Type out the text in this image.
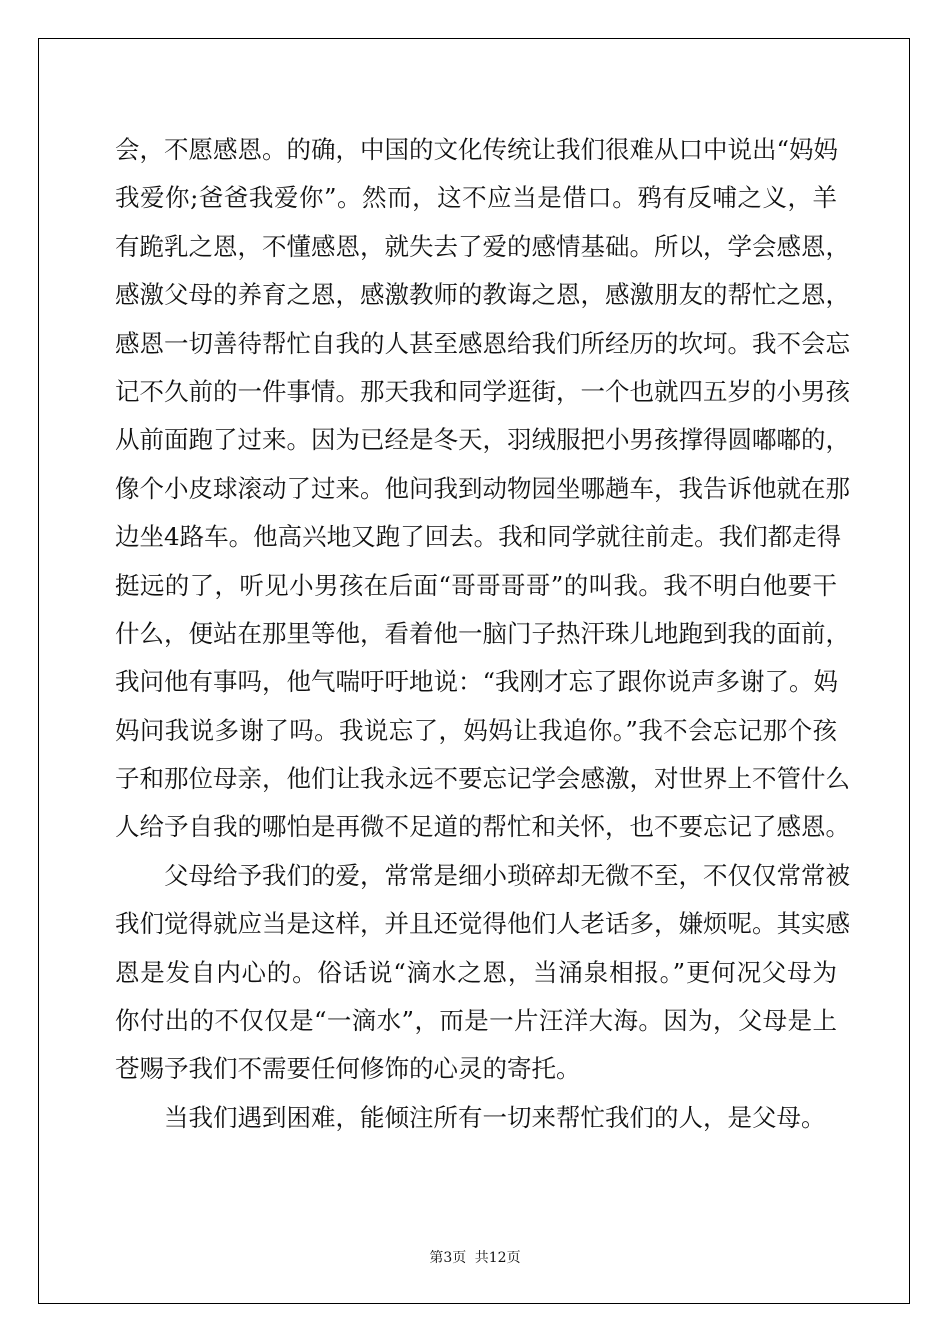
会，不愿感恩。的确，中国的文化传统让我们很难从口中说出“妈妈
我爱你;爸爸我爱你”。然而，这不应当是借口。鸦有反哺之义，羊
有跪乳之恩，不懂感恩，就失去了爱的感情基础。所以，学会感恩，
感激父母的养育之恩，感激教师的教诲之恩，感激朋友的帮忙之恩，
感恩一切善待帮忙自我的人甚至感恩给我们所经历的坎坷。我不会忘
记不久前的一件事情。那天我和同学逛街，一个也就四五岁的小男孩
从前面跑了过来。因为已经是冬天，羽绒服把小男孩撑得圆嘟嘟的，
像个小皮球滚动了过来。他问我到动物园坐哪趟车，我告诉他就在那
边坐4路车。他高兴地又跑了回去。我和同学就往前走。我们都走得
挺远的了，听见小男孩在后面“哥哥哥哥”的叫我。我不明白他要干
什么，便站在那里等他，看着他一脑门子热汗珠儿地跑到我的面前，
我问他有事吗，他气喘吁吁地说：“我刚才忘了跟你说声多谢了。妈
妈问我说多谢了吗。我说忘了，妈妈让我追你。”我不会忘记那个孩
子和那位母亲，他们让我永远不要忘记学会感激，对世界上不管什么
人给予自我的哪怕是再微不足道的帮忙和关怀，也不要忘记了感恩。
父母给予我们的爱，常常是细小琐碎却无微不至，不仅仅常常被
我们觉得就应当是这样，并且还觉得他们人老话多，嫌烦呢。其实感
恩是发自内心的。俗话说“滴水之恩，当涌泉相报。”更何况父母为
你付出的不仅仅是“一滴水”，而是一片汪洋大海。因为，父母是上
苍赐予我们不需要任何修饰的心灵的寄托。
当我们遇到困难，能倾注所有一切来帮忙我们的人，是父母。
第3页 共12页
